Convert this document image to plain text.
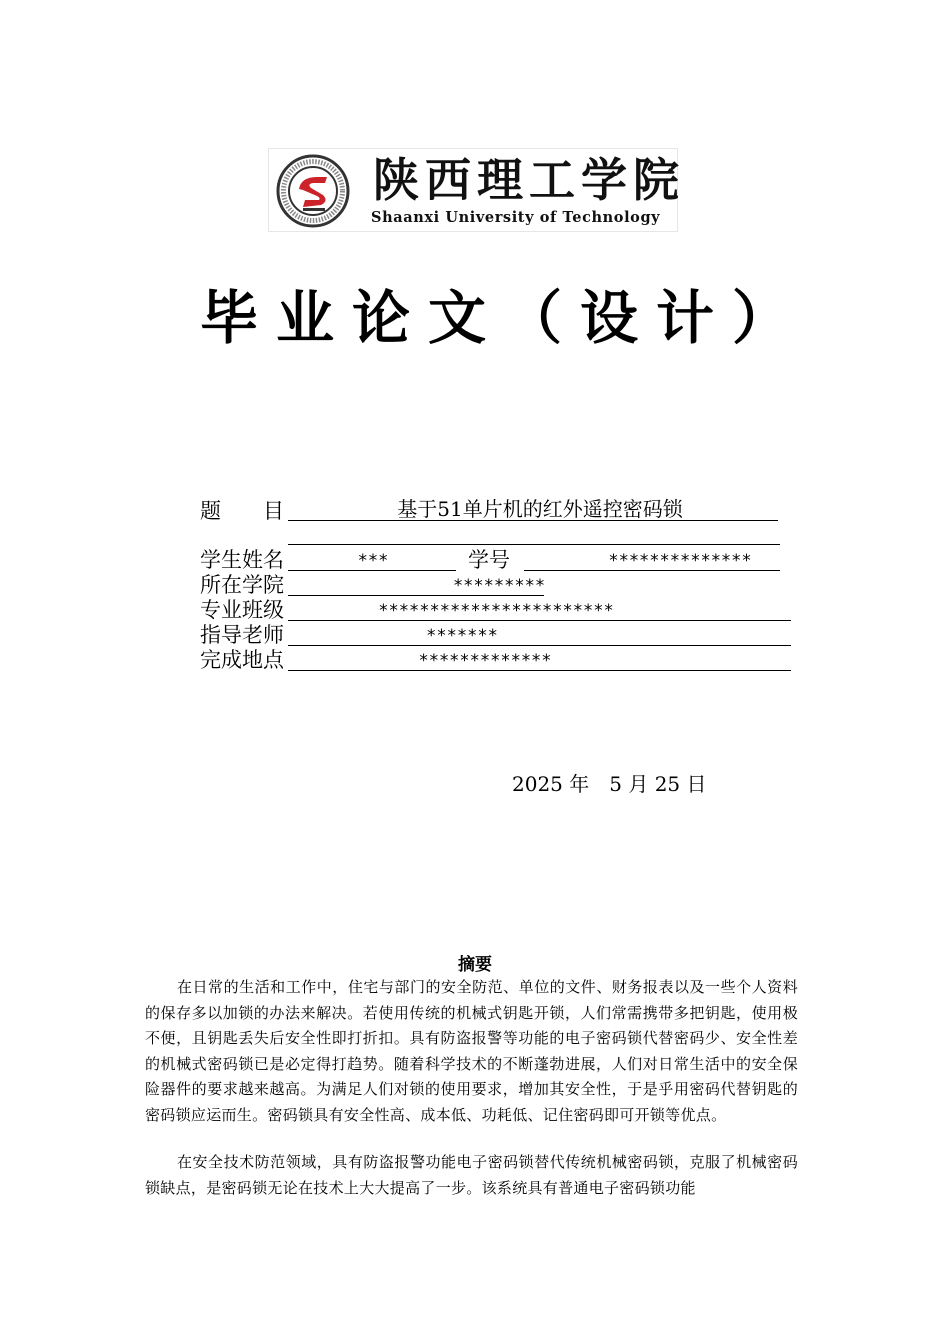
陕西理工学院
Shaanxi University of Technology
毕业论文（设计）
题　　目	基于51单片机的红外遥控密码锁
学生姓名	***	学号	**************
所在学院	*********
专业班级	***********************
指导老师	*******
完成地点	*************
2025 年　5 月 25 日
摘要

在日常的生活和工作中，住宅与部门的安全防范、单位的文件、财务报表以及一些个人资料的保存多以加锁的办法来解决。若使用传统的机械式钥匙开锁，人们常需携带多把钥匙，使用极不便，且钥匙丢失后安全性即打折扣。具有防盗报警等功能的电子密码锁代替密码少、安全性差的机械式密码锁已是必定得打趋势。随着科学技术的不断蓬勃进展，人们对日常生活中的安全保险器件的要求越来越高。为满足人们对锁的使用要求，增加其安全性，于是乎用密码代替钥匙的密码锁应运而生。密码锁具有安全性高、成本低、功耗低、记住密码即可开锁等优点。

在安全技术防范领域，具有防盗报警功能电子密码锁替代传统机械密码锁，克服了机械密码锁缺点，是密码锁无论在技术上大大提高了一步。该系统具有普通电子密码锁功能
